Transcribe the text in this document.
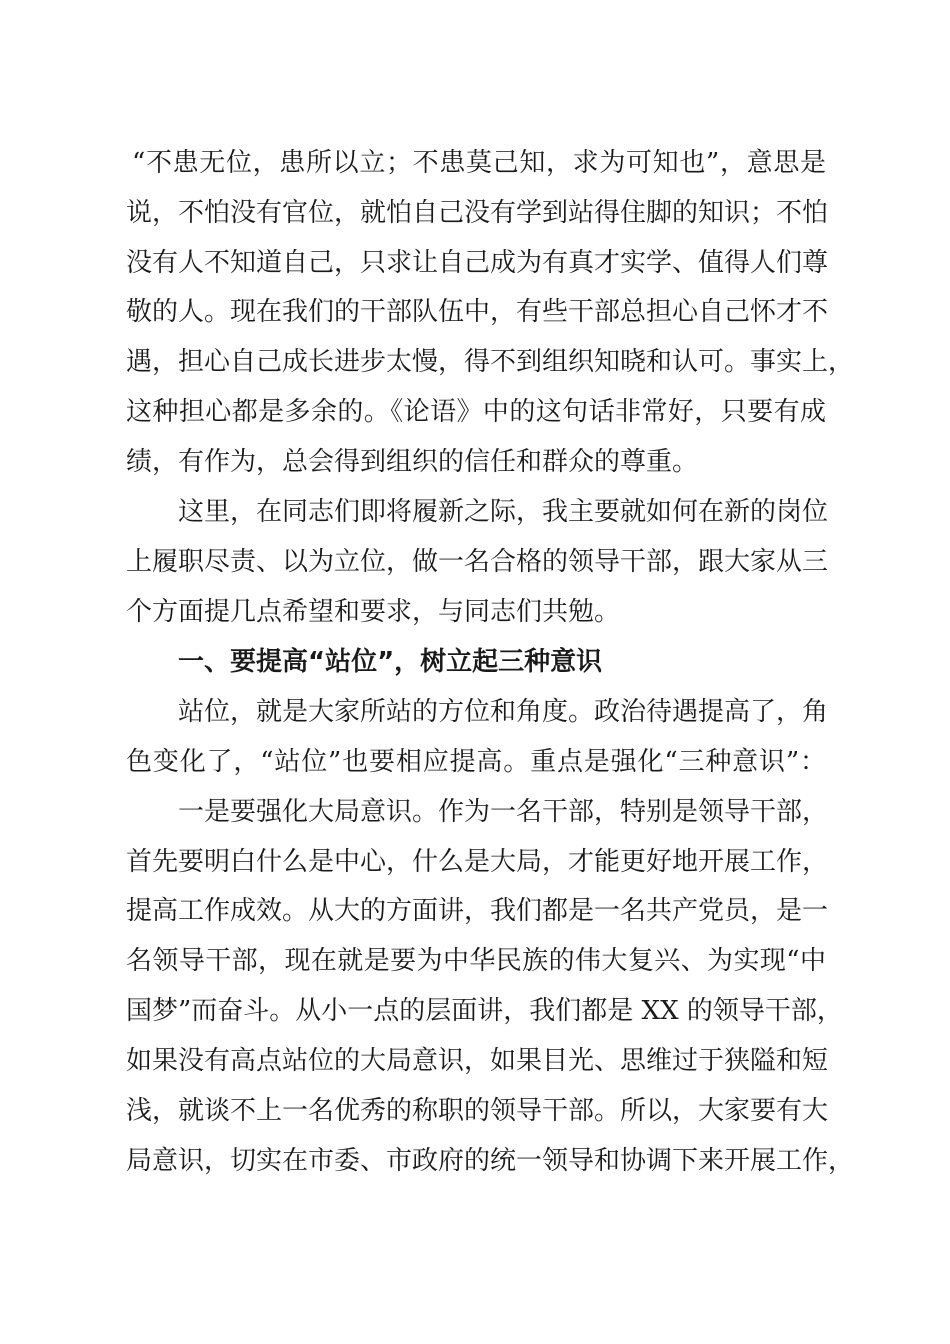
“不患无位，患所以立；不患莫己知，求为可知也”，意思是
说，不怕没有官位，就怕自己没有学到站得住脚的知识；不怕
没有人不知道自己，只求让自己成为有真才实学、值得人们尊
敬的人。现在我们的干部队伍中，有些干部总担心自己怀才不
遇，担心自己成长进步太慢，得不到组织知晓和认可。事实上，
这种担心都是多余的。《论语》中的这句话非常好，只要有成
绩，有作为，总会得到组织的信任和群众的尊重。
这里，在同志们即将履新之际，我主要就如何在新的岗位
上履职尽责、以为立位，做一名合格的领导干部，跟大家从三
个方面提几点希望和要求，与同志们共勉。
一、要提高“站位”，树立起三种意识
站位，就是大家所站的方位和角度。政治待遇提高了，角
色变化了，“站位”也要相应提高。重点是强化“三种意识”：
一是要强化大局意识。作为一名干部，特别是领导干部，
首先要明白什么是中心，什么是大局，才能更好地开展工作，
提高工作成效。从大的方面讲，我们都是一名共产党员，是一
名领导干部，现在就是要为中华民族的伟大复兴、为实现“中
国梦”而奋斗。从小一点的层面讲，我们都是 XX 的领导干部，
如果没有高点站位的大局意识，如果目光、思维过于狭隘和短
浅，就谈不上一名优秀的称职的领导干部。所以，大家要有大
局意识，切实在市委、市政府的统一领导和协调下来开展工作，
